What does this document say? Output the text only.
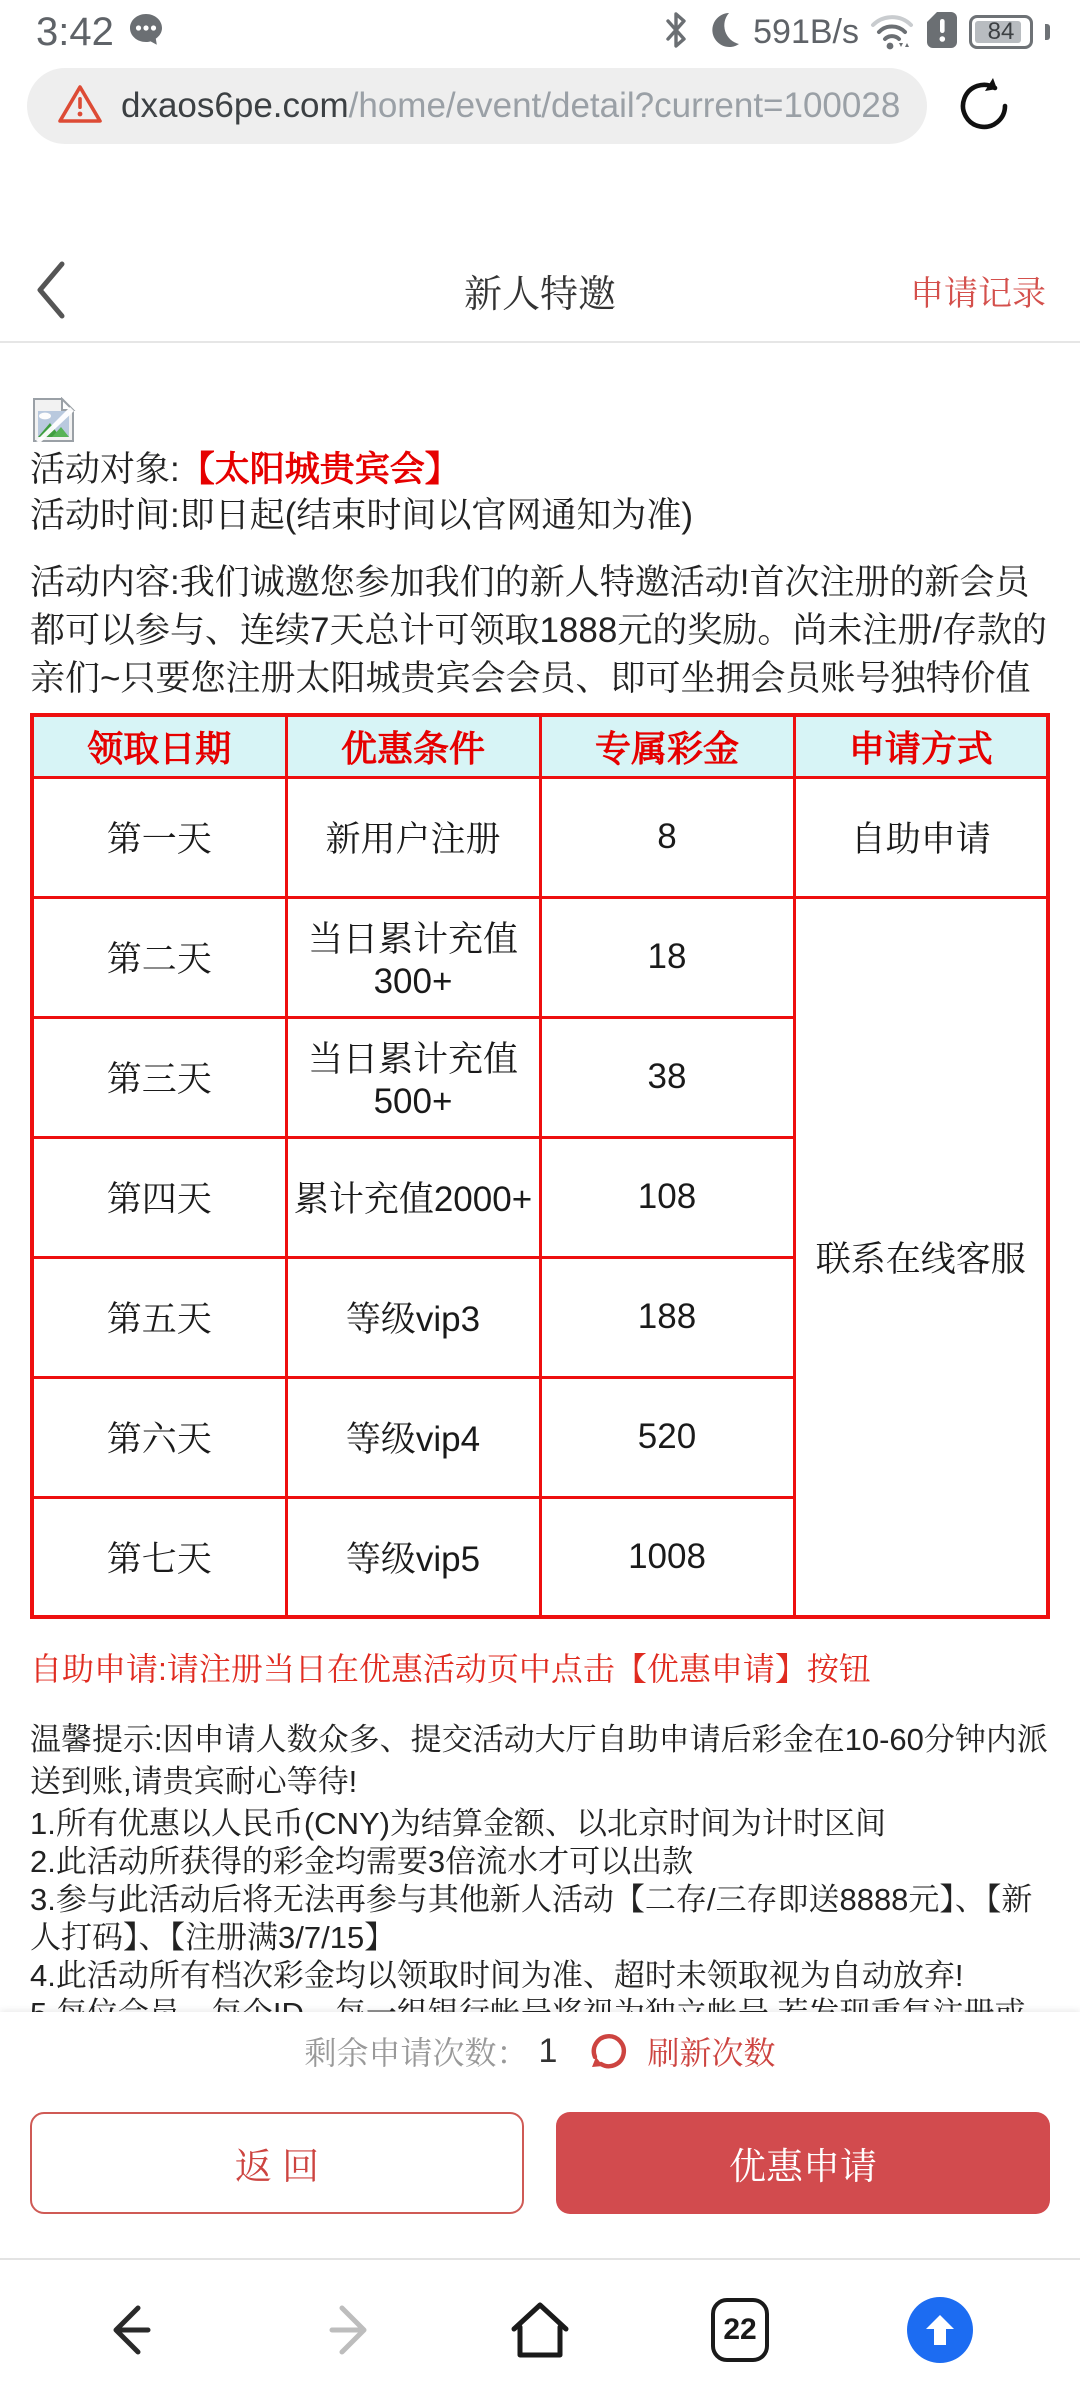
3:42	591B/s	84
dxaos6pe.com/home/event/detail?current=100028
新人特邀	申请记录
活动对象:【太阳城贵宾会】
活动时间:即日起(结束时间以官网通知为准)
活动内容:我们诚邀您参加我们的新人特邀活动!首次注册的新会员都可以参与、连续7天总计可领取1888元的奖励。尚未注册/存款的亲们~只要您注册太阳城贵宾会会员、即可坐拥会员账号独特价值
领取日期	优惠条件	专属彩金	申请方式
第一天	新用户注册	8	自助申请
第二天	当日累计充值300+	18	联系在线客服
第三天	当日累计充值500+	38	
第四天	累计充值2000+	108	
第五天	等级vip3	188	
第六天	等级vip4	520	
第七天	等级vip5	1008	
自助申请:请注册当日在优惠活动页中点击【优惠申请】按钮
温馨提示:因申请人数众多、提交活动大厅自助申请后彩金在10-60分钟内派送到账,请贵宾耐心等待!
1.所有优惠以人民币(CNY)为结算金额、以北京时间为计时区间
2.此活动所获得的彩金均需要3倍流水才可以出款
3.参与此活动后将无法再参与其他新人活动【二存/三存即送8888元】、【新人打码】、【注册满3/7/15】
4.此活动所有档次彩金均以领取时间为准、超时未领取视为自动放弃!
剩余申请次数： 1	刷新次数
返 回	优惠申请
22
